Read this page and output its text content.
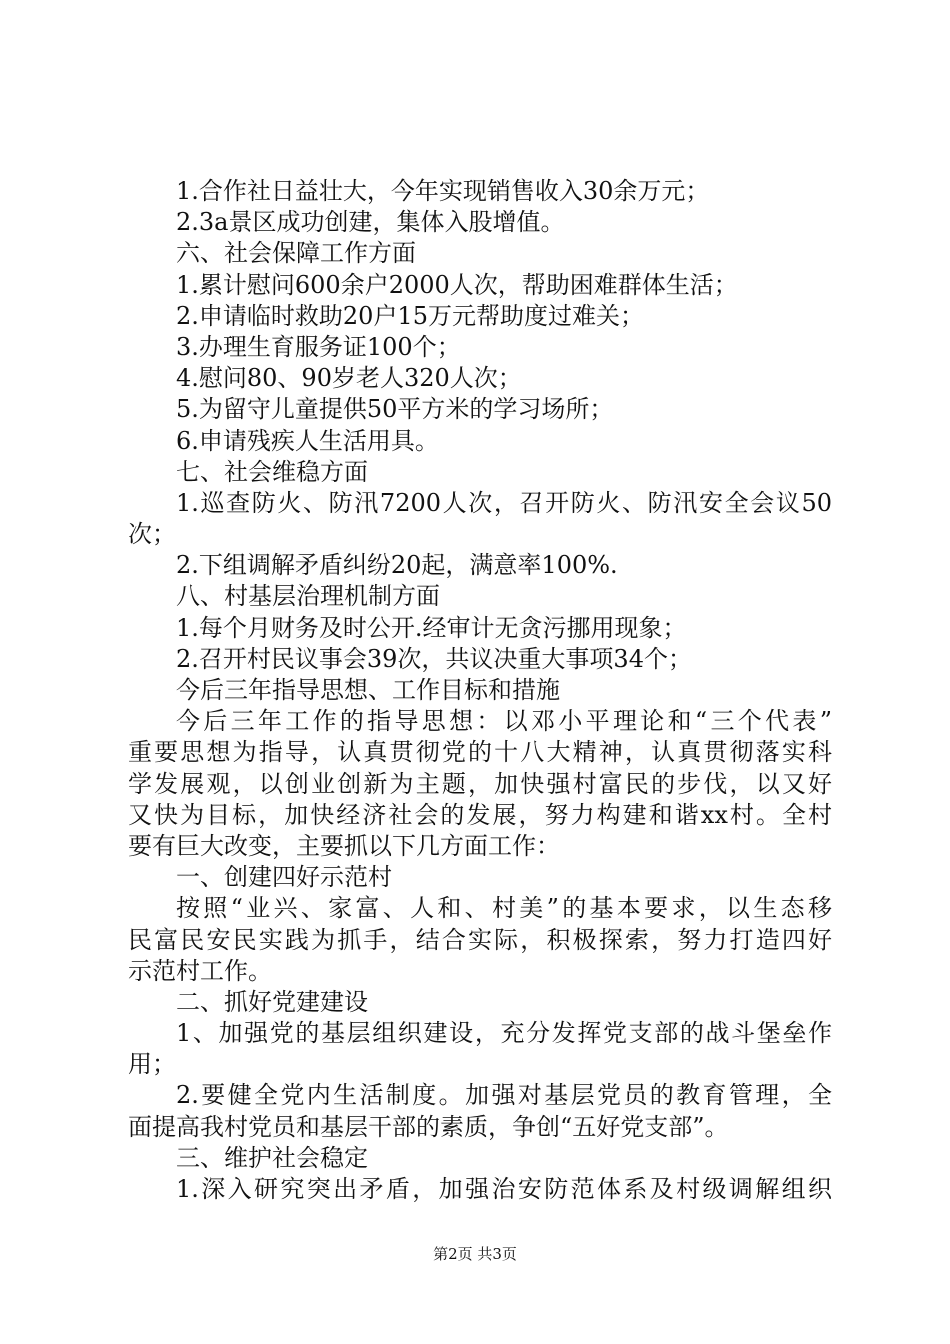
1.合作社日益壮大，今年实现销售收入30余万元；
2.3a景区成功创建，集体入股增值。
六、社会保障工作方面
1.累计慰问600余户2000人次，帮助困难群体生活；
2.申请临时救助20户15万元帮助度过难关；
3.办理生育服务证100个；
4.慰问80、90岁老人320人次；
5.为留守儿童提供50平方米的学习场所；
6.申请残疾人生活用具。
七、社会维稳方面
1.巡查防火、防汛7200人次，召开防火、防汛安全会议50
次；
2.下组调解矛盾纠纷20起，满意率100%.
八、村基层治理机制方面
1.每个月财务及时公开.经审计无贪污挪用现象；
2.召开村民议事会39次，共议决重大事项34个；
今后三年指导思想、工作目标和措施
今后三年工作的指导思想：以邓小平理论和“三个代表”
重要思想为指导，认真贯彻党的十八大精神，认真贯彻落实科
学发展观，以创业创新为主题，加快强村富民的步伐，以又好
又快为目标，加快经济社会的发展，努力构建和谐xx村。全村
要有巨大改变，主要抓以下几方面工作：
一、创建四好示范村
按照“业兴、家富、人和、村美”的基本要求，以生态移
民富民安民实践为抓手，结合实际，积极探索，努力打造四好
示范村工作。
二、抓好党建建设
1、加强党的基层组织建设，充分发挥党支部的战斗堡垒作
用；
2.要健全党内生活制度。加强对基层党员的教育管理，全
面提高我村党员和基层干部的素质，争创“五好党支部”。
三、维护社会稳定
1.深入研究突出矛盾，加强治安防范体系及村级调解组织
第2页 共3页
